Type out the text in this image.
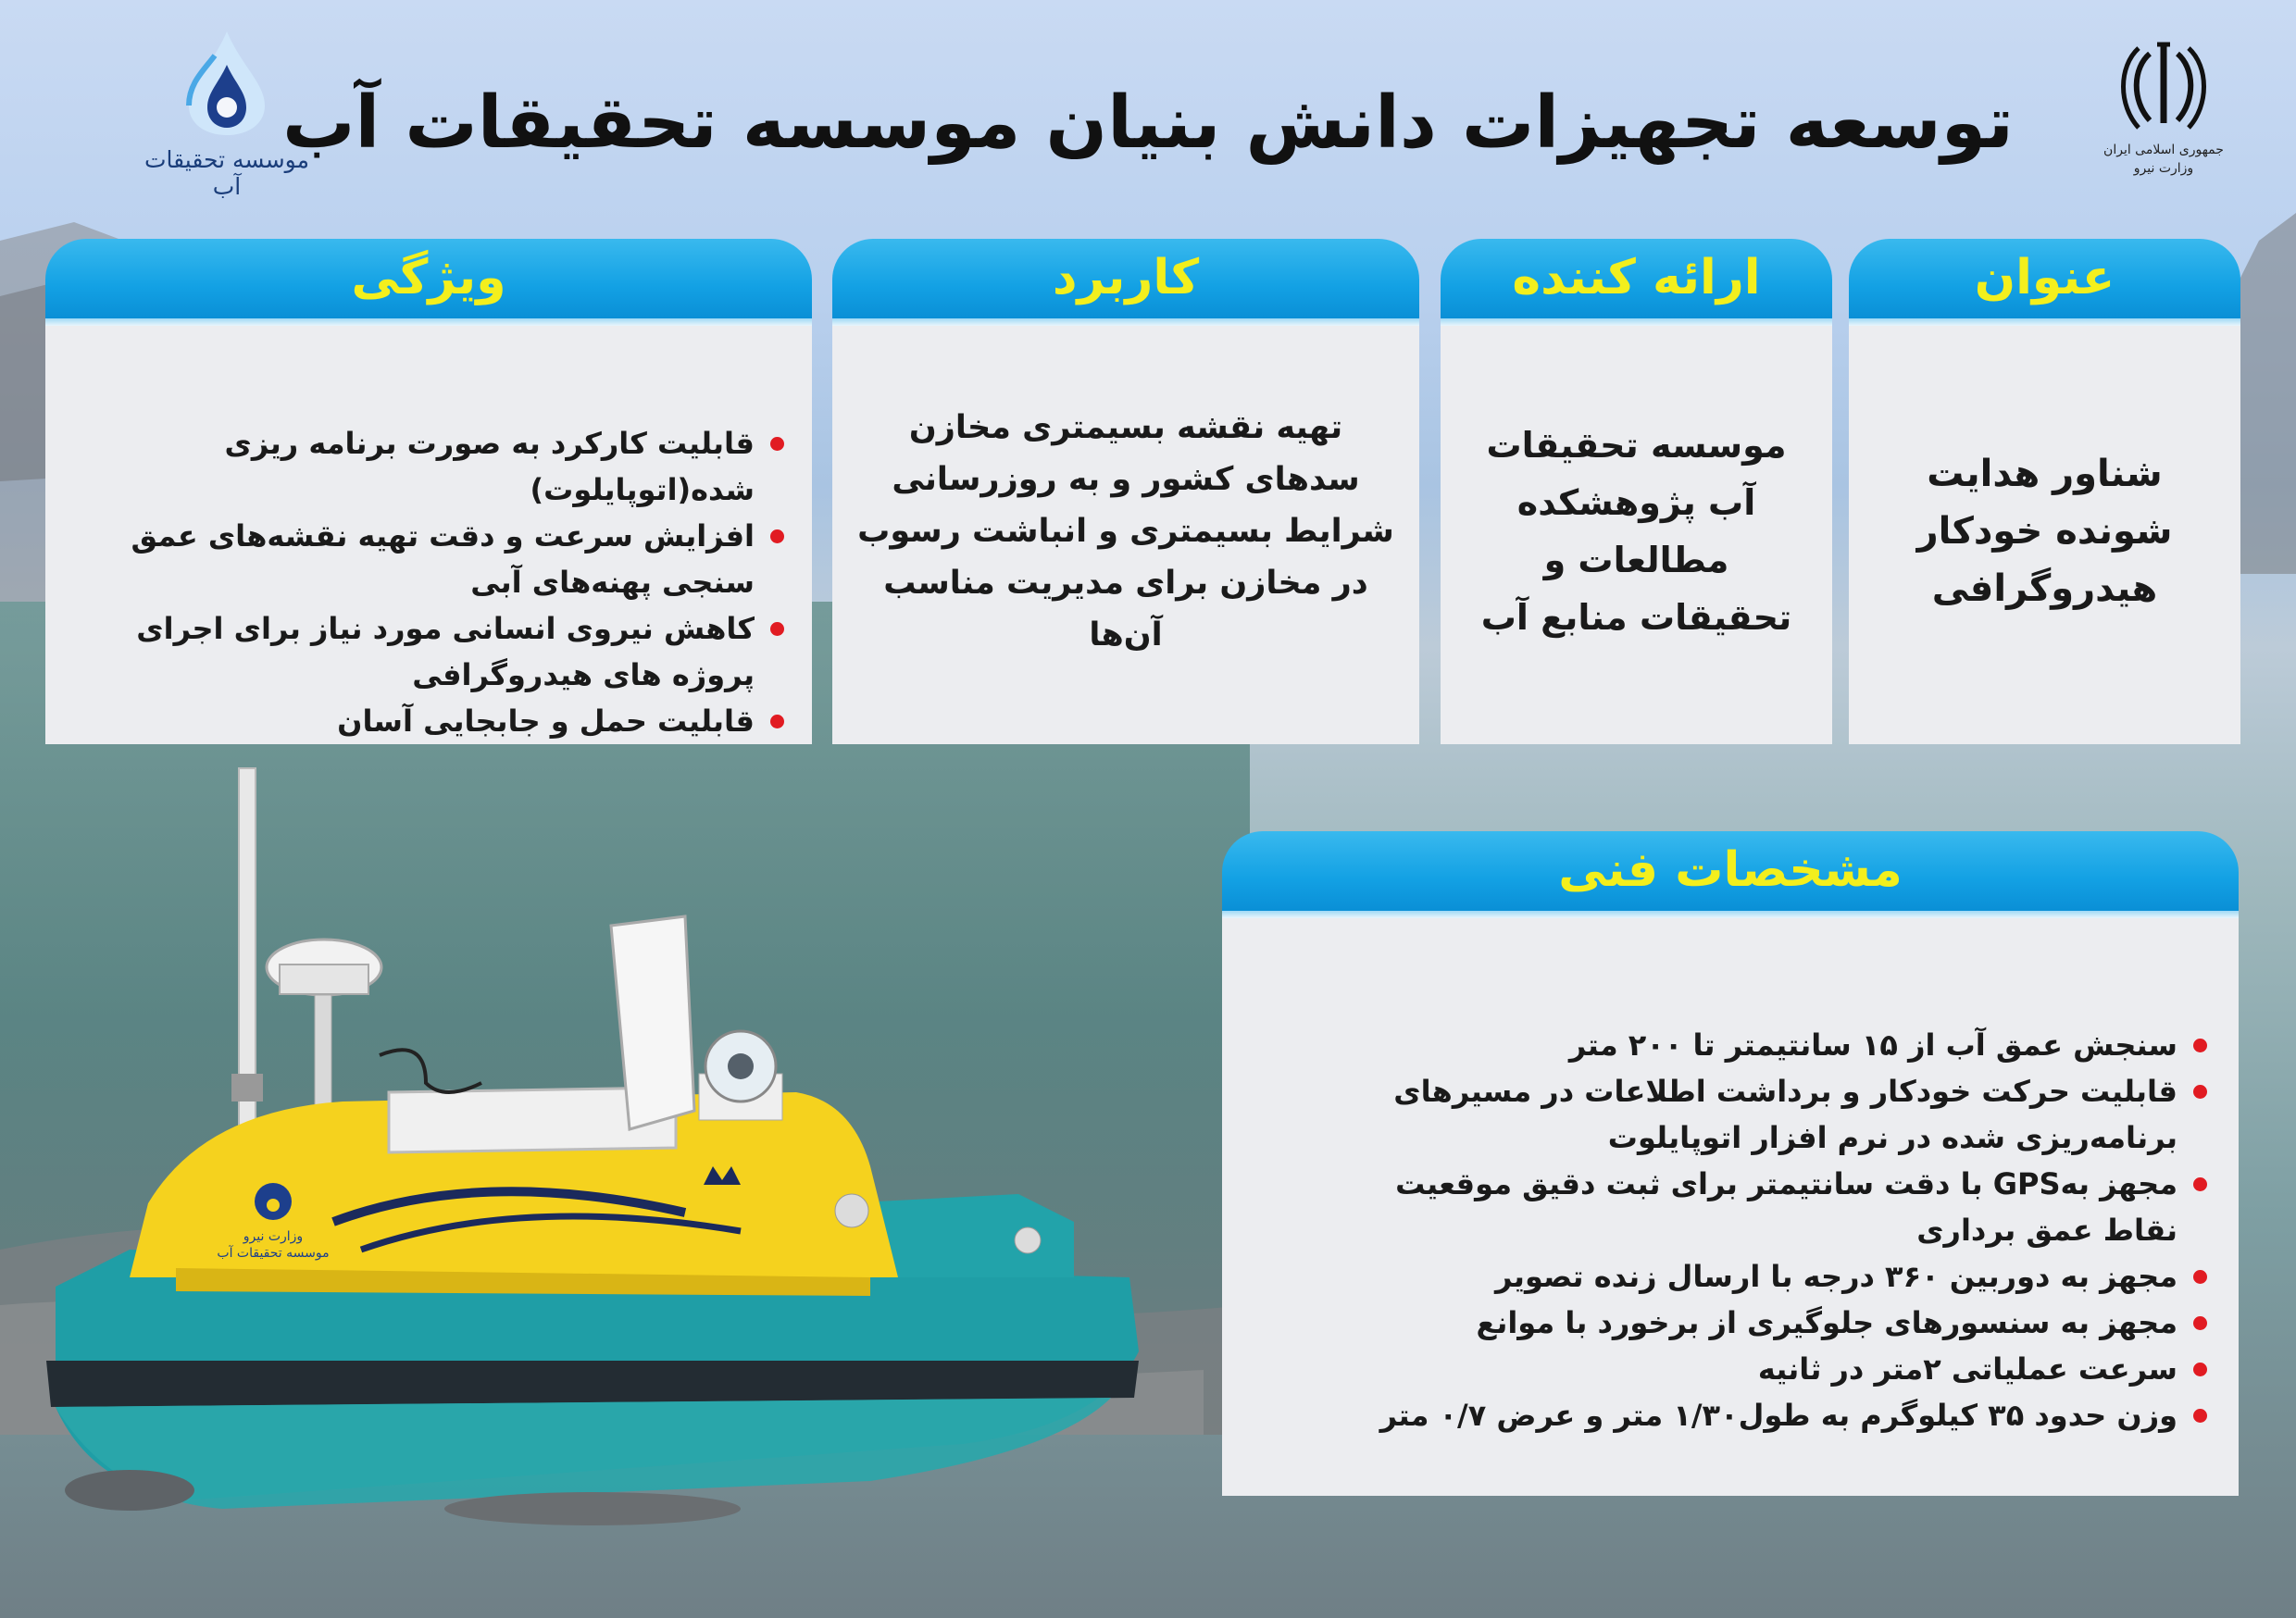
موسسه تحقیقات آب
جمهوری اسلامی ایران
وزارت نیرو
توسعه تجهیزات دانش بنیان موسسه تحقیقات آب
عنوان
شناور هدایت شونده خودکار هیدروگرافی
ارائه کننده
موسسه تحقیقات آب پژوهشکده مطالعات و تحقیقات منابع آب
کاربرد
تهیه نقشه بسیمتری مخازن سدهای کشور و به روزرسانی شرایط بسیمتری و انباشت رسوب در مخازن برای مدیریت مناسب آن‌ها
ویژگی
قابلیت کارکرد به صورت برنامه ریزی شده(اتوپایلوت)
افزایش سرعت و دقت تهیه نقشه‌های عمق سنجی پهنه‌های آبی
کاهش نیروی انسانی مورد نیاز برای اجرای پروژه های هیدروگرافی
قابلیت حمل و جابجایی آسان
مشخصات فنی
سنجش عمق آب از ۱۵ سانتیمتر تا ۲۰۰ متر
قابلیت حرکت خودکار و برداشت اطلاعات در مسیرهای برنامه‌ریزی شده در نرم افزار اتوپایلوت
مجهز بهGPS با دقت سانتیمتر برای ثبت دقیق موقعیت نقاط عمق برداری
مجهز به دوربین ۳۶۰ درجه با ارسال زنده تصویر
مجهز به سنسورهای جلوگیری از برخورد با موانع
سرعت عملیاتی ۲متر در ثانیه
وزن حدود ۳۵ کیلوگرم به طول۱/۳۰ متر و عرض ۰/۷ متر
وزارت نیرو
موسسه تحقیقات آب
